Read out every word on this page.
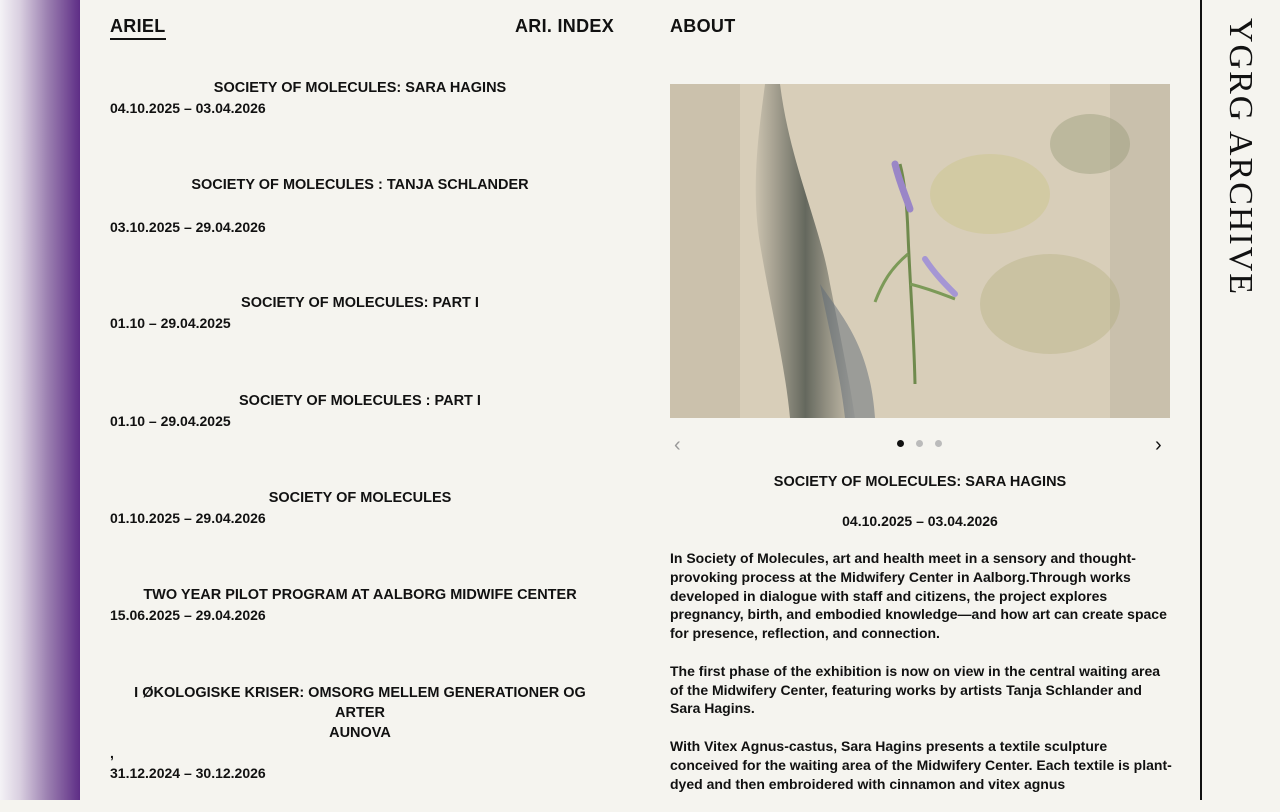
ARIEL	ARI. INDEX	ABOUT
SOCIETY OF MOLECULES: SARA HAGINS
04.10.2025 – 03.04.2026
SOCIETY OF MOLECULES : TANJA SCHLANDER
03.10.2025 – 29.04.2026
SOCIETY OF MOLECULES: PART I
01.10 – 29.04.2025
SOCIETY OF MOLECULES : PART I
01.10 – 29.04.2025
SOCIETY OF MOLECULES
01.10.2025 – 29.04.2026
TWO YEAR PILOT PROGRAM AT AALBORG MIDWIFE CENTER
15.06.2025 – 29.04.2026
I ØKOLOGISKE KRISER: OMSORG MELLEM GENERATIONER OG ARTER
AUNOVA
,
31.12.2024 – 30.12.2026
‹	›
SOCIETY OF MOLECULES: SARA HAGINS
04.10.2025 – 03.04.2026

In Society of Molecules, art and health meet in a sensory and thought-provoking process at the Midwifery Center in Aalborg.Through works developed in dialogue with staff and citizens, the project explores pregnancy, birth, and embodied knowledge—and how art can create space for presence, reflection, and connection.

The first phase of the exhibition is now on view in the central waiting area of the Midwifery Center, featuring works by artists Tanja Schlander and Sara Hagins.

With Vitex Agnus-castus, Sara Hagins presents a textile sculpture conceived for the waiting area of the Midwifery Center. Each textile is plant-dyed and then embroidered with cinnamon and vitex agnus

YGRG ARCHIVE
